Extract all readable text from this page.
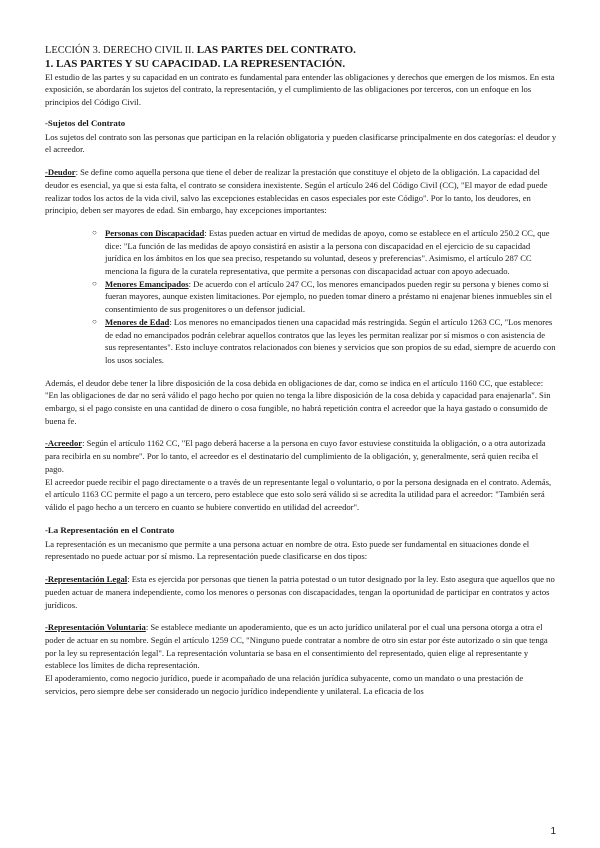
LECCIÓN 3. DERECHO CIVIL II. LAS PARTES DEL CONTRATO.
1. LAS PARTES Y SU CAPACIDAD. LA REPRESENTACIÓN.

El estudio de las partes y su capacidad en un contrato es fundamental para entender las obligaciones y derechos que emergen de los mismos. En esta exposición, se abordarán los sujetos del contrato, la representación, y el cumplimiento de las obligaciones por terceros, con un enfoque en los principios del Código Civil.

-Sujetos del Contrato

Los sujetos del contrato son las personas que participan en la relación obligatoria y pueden clasificarse principalmente en dos categorías: el deudor y el acreedor.

-Deudor: Se define como aquella persona que tiene el deber de realizar la prestación que constituye el objeto de la obligación. La capacidad del deudor es esencial, ya que si esta falta, el contrato se considera inexistente. Según el artículo 246 del Código Civil (CC), "El mayor de edad puede realizar todos los actos de la vida civil, salvo las excepciones establecidas en casos especiales por este Código". Por lo tanto, los deudores, en principio, deben ser mayores de edad. Sin embargo, hay excepciones importantes:

○ Personas con Discapacidad: Estas pueden actuar en virtud de medidas de apoyo, como se establece en el artículo 250.2 CC, que dice: "La función de las medidas de apoyo consistirá en asistir a la persona con discapacidad en el ejercicio de su capacidad jurídica en los ámbitos en los que sea preciso, respetando su voluntad, deseos y preferencias". Asimismo, el artículo 287 CC menciona la figura de la curatela representativa, que permite a personas con discapacidad actuar con apoyo adecuado.
○ Menores Emancipados: De acuerdo con el artículo 247 CC, los menores emancipados pueden regir su persona y bienes como si fueran mayores, aunque existen limitaciones. Por ejemplo, no pueden tomar dinero a préstamo ni enajenar bienes inmuebles sin el consentimiento de sus progenitores o un defensor judicial.
○ Menores de Edad: Los menores no emancipados tienen una capacidad más restringida. Según el artículo 1263 CC, "Los menores de edad no emancipados podrán celebrar aquellos contratos que las leyes les permitan realizar por sí mismos o con asistencia de sus representantes". Esto incluye contratos relacionados con bienes y servicios que son propios de su edad, siempre de acuerdo con los usos sociales.

Además, el deudor debe tener la libre disposición de la cosa debida en obligaciones de dar, como se indica en el artículo 1160 CC, que establece: "En las obligaciones de dar no será válido el pago hecho por quien no tenga la libre disposición de la cosa debida y capacidad para enajenarla". Sin embargo, si el pago consiste en una cantidad de dinero o cosa fungible, no habrá repetición contra el acreedor que la haya gastado o consumido de buena fe.

-Acreedor: Según el artículo 1162 CC, "El pago deberá hacerse a la persona en cuyo favor estuviese constituida la obligación, o a otra autorizada para recibirla en su nombre". Por lo tanto, el acreedor es el destinatario del cumplimiento de la obligación, y, generalmente, será quien reciba el pago.

El acreedor puede recibir el pago directamente o a través de un representante legal o voluntario, o por la persona designada en el contrato. Además, el artículo 1163 CC permite el pago a un tercero, pero establece que esto solo será válido si se acredita la utilidad para el acreedor: "También será válido el pago hecho a un tercero en cuanto se hubiere convertido en utilidad del acreedor".

-La Representación en el Contrato

La representación es un mecanismo que permite a una persona actuar en nombre de otra. Esto puede ser fundamental en situaciones donde el representado no puede actuar por sí mismo. La representación puede clasificarse en dos tipos:

-Representación Legal: Esta es ejercida por personas que tienen la patria potestad o un tutor designado por la ley. Esto asegura que aquellos que no pueden actuar de manera independiente, como los menores o personas con discapacidades, tengan la oportunidad de participar en contratos y actos jurídicos.

-Representación Voluntaria: Se establece mediante un apoderamiento, que es un acto jurídico unilateral por el cual una persona otorga a otra el poder de actuar en su nombre. Según el artículo 1259 CC, "Ninguno puede contratar a nombre de otro sin estar por éste autorizado o sin que tenga por la ley su representación legal". La representación voluntaria se basa en el consentimiento del representado, quien elige al representante y establece los límites de dicha representación.

El apoderamiento, como negocio jurídico, puede ir acompañado de una relación jurídica subyacente, como un mandato o una prestación de servicios, pero siempre debe ser considerado un negocio jurídico independiente y unilateral. La eficacia de los

1
